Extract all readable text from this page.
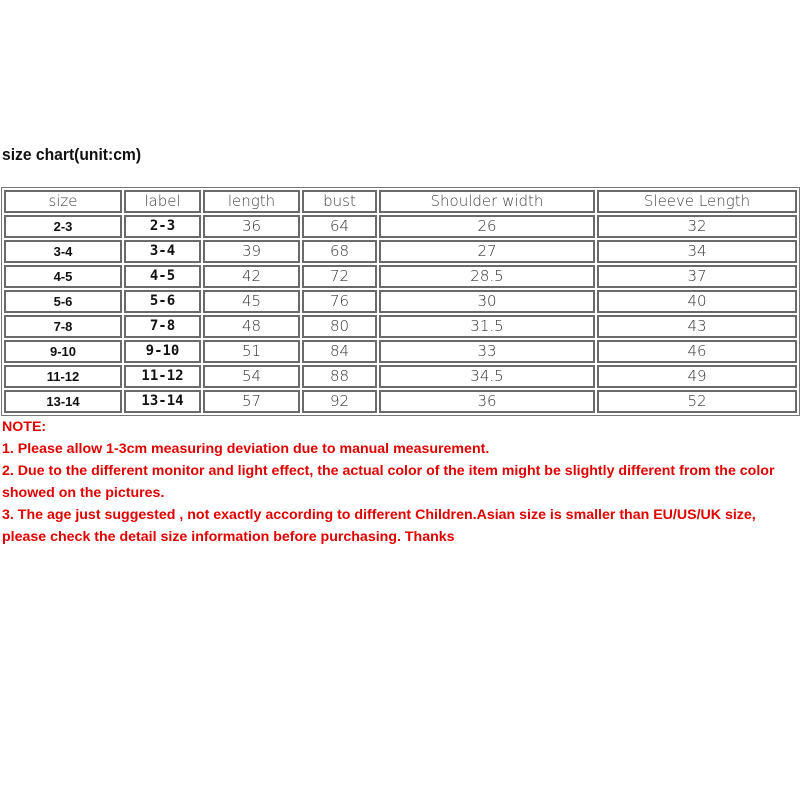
size chart(unit:cm)
size	label	length	bust	Shoulder width	Sleeve Length
2-3	2-3	36	64	26	32
3-4	3-4	39	68	27	34
4-5	4-5	42	72	28.5	37
5-6	5-6	45	76	30	40
7-8	7-8	48	80	31.5	43
9-10	9-10	51	84	33	46
11-12	11-12	54	88	34.5	49
13-14	13-14	57	92	36	52
NOTE:
1. Please allow 1-3cm measuring deviation due to manual measurement.
2. Due to the different monitor and light effect, the actual color of the item might be slightly different from the color showed on the pictures.
3. The age just suggested , not exactly according to different Children.Asian size is smaller than EU/US/UK size, please check the detail size information before purchasing. Thanks
